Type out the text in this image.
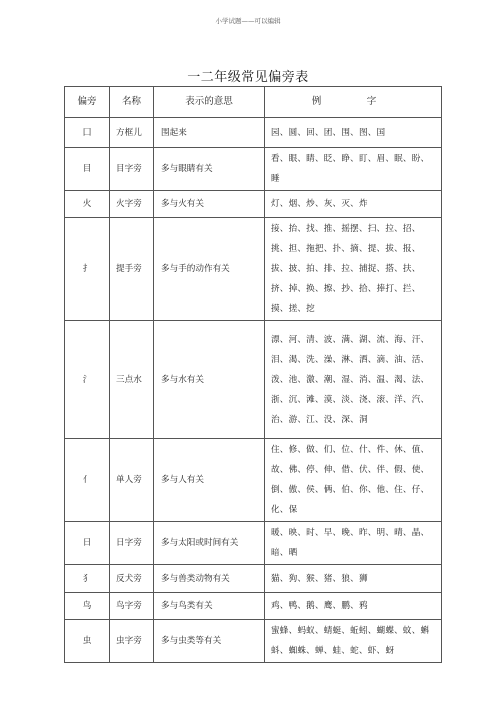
小学试题——可以编辑
一二年级常见偏旁表
偏旁	名称	表示的意思	例　字
囗	方框儿	围起来	园、圆、回、团、围、图、国
目	目字旁	多与眼睛有关	看、眼、睛、眨、睁、盯、眉、眠、盼、睡
火	火字旁	多与火有关	灯、烟、炒、灰、灭、炸
扌	提手旁	多与手的动作有关	接、抬、找、推、摇摆、扫、拉、招、挑、担、拖把、扑、摘、提、拔、报、拔、披、拍、排、拉、捕捉、搭、扶、挤、掉、换、擦、抄、拾、捧打、拦、摸、搓、挖
氵	三点水	多与水有关	漂、河、清、波、满、湖、流、海、汗、泪、渴、洗、澡、淋、洒、滴、油、活、泼、池、激、潮、湿、消、温、渴、法、浙、沉、滩、漠、淡、浇、滚、洋、汽、治、游、江、没、深、洞
亻	单人旁	多与人有关	住、修、做、们、位、什、件、休、值、故、佛、停、伸、借、伏、伴、假、使、倒、傲、侯、俩、伯、你、他、住、仔、化、保
日	日字旁	多与太阳或时间有关	暖、映、时、早、晚、昨、明、晴、晶、暗、晒
犭	反犬旁	多与兽类动物有关	猫、狗、猴、猪、狼、狮
鸟	鸟字旁	多与鸟类有关	鸡、鸭、鹅、鹰、鹏、鸦
虫	虫字旁	多与虫类等有关	蜜蜂、蚂蚁、蜻蜓、蚯蚓、蝴蝶、蚊、蝌蚪、蜘蛛、蝉、蛙、蛇、虾、蚜
